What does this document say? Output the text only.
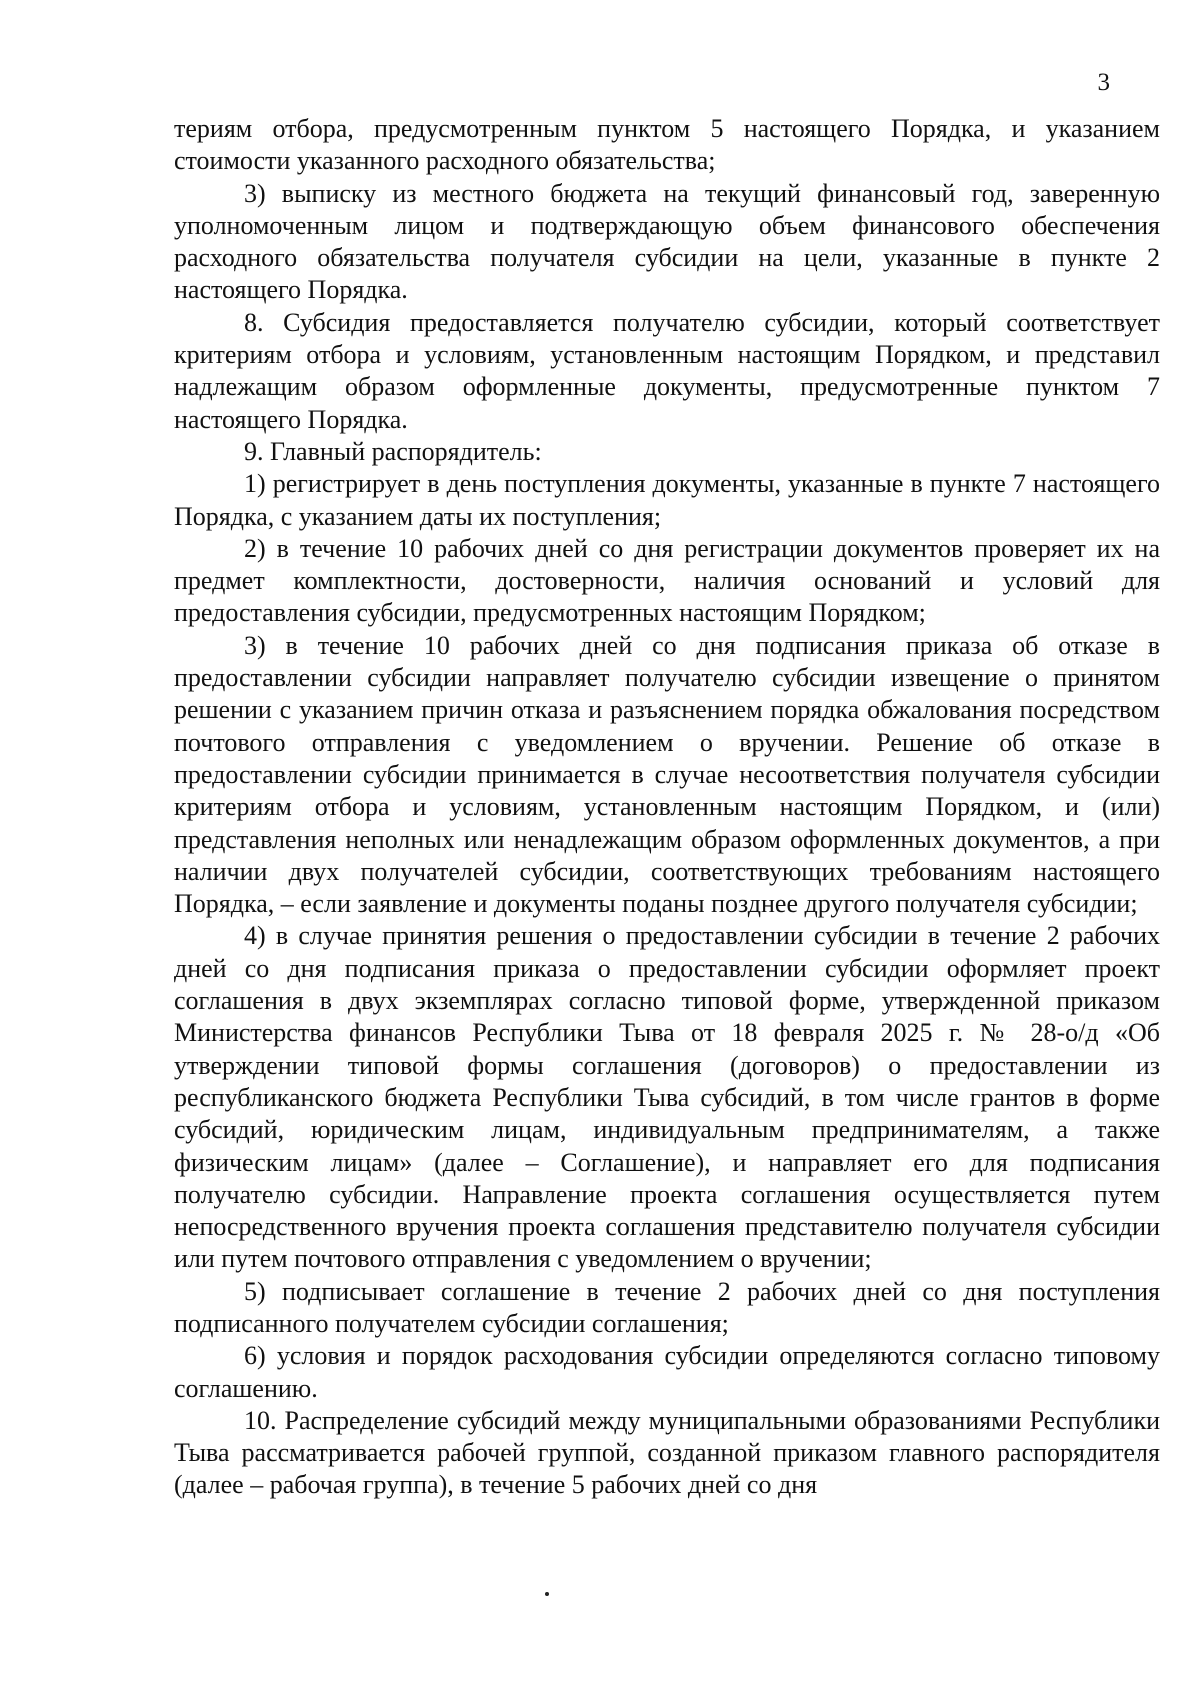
3

териям отбора, предусмотренным пунктом 5 настоящего Порядка, и указанием стоимости указанного расходного обязательства;

3) выписку из местного бюджета на текущий финансовый год, заверенную уполномоченным лицом и подтверждающую объем финансового обеспечения расходного обязательства получателя субсидии на цели, указанные в пункте 2 настоящего Порядка.

8. Субсидия предоставляется получателю субсидии, который соответствует критериям отбора и условиям, установленным настоящим Порядком, и представил надлежащим образом оформленные документы, предусмотренные пунктом 7 настоящего Порядка.

9. Главный распорядитель:

1) регистрирует в день поступления документы, указанные в пункте 7 настоящего Порядка, с указанием даты их поступления;

2) в течение 10 рабочих дней со дня регистрации документов проверяет их на предмет комплектности, достоверности, наличия оснований и условий для предоставления субсидии, предусмотренных настоящим Порядком;

3) в течение 10 рабочих дней со дня подписания приказа об отказе в предоставлении субсидии направляет получателю субсидии извещение о принятом решении с указанием причин отказа и разъяснением порядка обжалования посредством почтового отправления с уведомлением о вручении. Решение об отказе в предоставлении субсидии принимается в случае несоответствия получателя субсидии критериям отбора и условиям, установленным настоящим Порядком, и (или) представления неполных или ненадлежащим образом оформленных документов, а при наличии двух получателей субсидии, соответствующих требованиям настоящего Порядка, – если заявление и документы поданы позднее другого получателя субсидии;

4) в случае принятия решения о предоставлении субсидии в течение 2 рабочих дней со дня подписания приказа о предоставлении субсидии оформляет проект соглашения в двух экземплярах согласно типовой форме, утвержденной приказом Министерства финансов Республики Тыва от 18 февраля 2025 г. № 28-о/д «Об утверждении типовой формы соглашения (договоров) о предоставлении из республиканского бюджета Республики Тыва субсидий, в том числе грантов в форме субсидий, юридическим лицам, индивидуальным предпринимателям, а также физическим лицам» (далее – Соглашение), и направляет его для подписания получателю субсидии. Направление проекта соглашения осуществляется путем непосредственного вручения проекта соглашения представителю получателя субсидии или путем почтового отправления с уведомлением о вручении;

5) подписывает соглашение в течение 2 рабочих дней со дня поступления подписанного получателем субсидии соглашения;

6) условия и порядок расходования субсидии определяются согласно типовому соглашению.

10. Распределение субсидий между муниципальными образованиями Республики Тыва рассматривается рабочей группой, созданной приказом главного распорядителя (далее – рабочая группа), в течение 5 рабочих дней со дня
